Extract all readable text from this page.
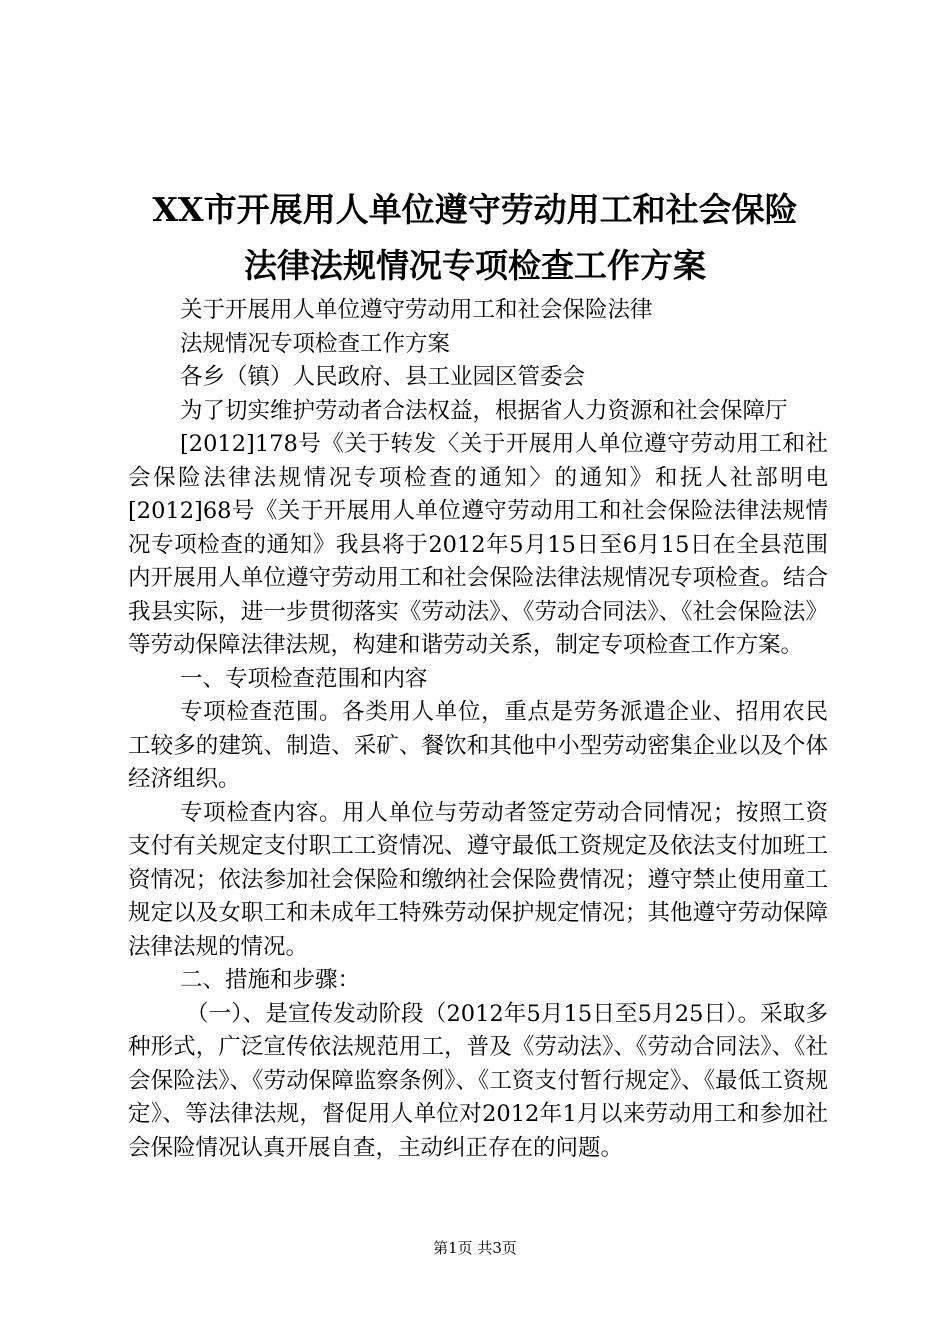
XX市开展用人单位遵守劳动用工和社会保险
法律法规情况专项检查工作方案

关于开展用人单位遵守劳动用工和社会保险法律

法规情况专项检查工作方案

各乡（镇）人民政府、县工业园区管委会

为了切实维护劳动者合法权益，根据省人力资源和社会保障厅

[2012]178号《关于转发〈关于开展用人单位遵守劳动用工和社会保险法律法规情况专项检查的通知〉的通知》和抚人社部明电[2012]68号《关于开展用人单位遵守劳动用工和社会保险法律法规情况专项检查的通知》我县将于2012年5月15日至6月15日在全县范围内开展用人单位遵守劳动用工和社会保险法律法规情况专项检查。结合我县实际，进一步贯彻落实《劳动法》、《劳动合同法》、《社会保险法》等劳动保障法律法规，构建和谐劳动关系，制定专项检查工作方案。

一、专项检查范围和内容

专项检查范围。各类用人单位，重点是劳务派遣企业、招用农民工较多的建筑、制造、采矿、餐饮和其他中小型劳动密集企业以及个体经济组织。

专项检查内容。用人单位与劳动者签定劳动合同情况；按照工资支付有关规定支付职工工资情况、遵守最低工资规定及依法支付加班工资情况；依法参加社会保险和缴纳社会保险费情况；遵守禁止使用童工规定以及女职工和未成年工特殊劳动保护规定情况；其他遵守劳动保障法律法规的情况。

二、措施和步骤：

（一）、是宣传发动阶段（2012年5月15日至5月25日）。采取多种形式，广泛宣传依法规范用工，普及《劳动法》、《劳动合同法》、《社会保险法》、《劳动保障监察条例》、《工资支付暂行规定》、《最低工资规定》、等法律法规，督促用人单位对2012年1月以来劳动用工和参加社会保险情况认真开展自查，主动纠正存在的问题。

第1页 共3页
